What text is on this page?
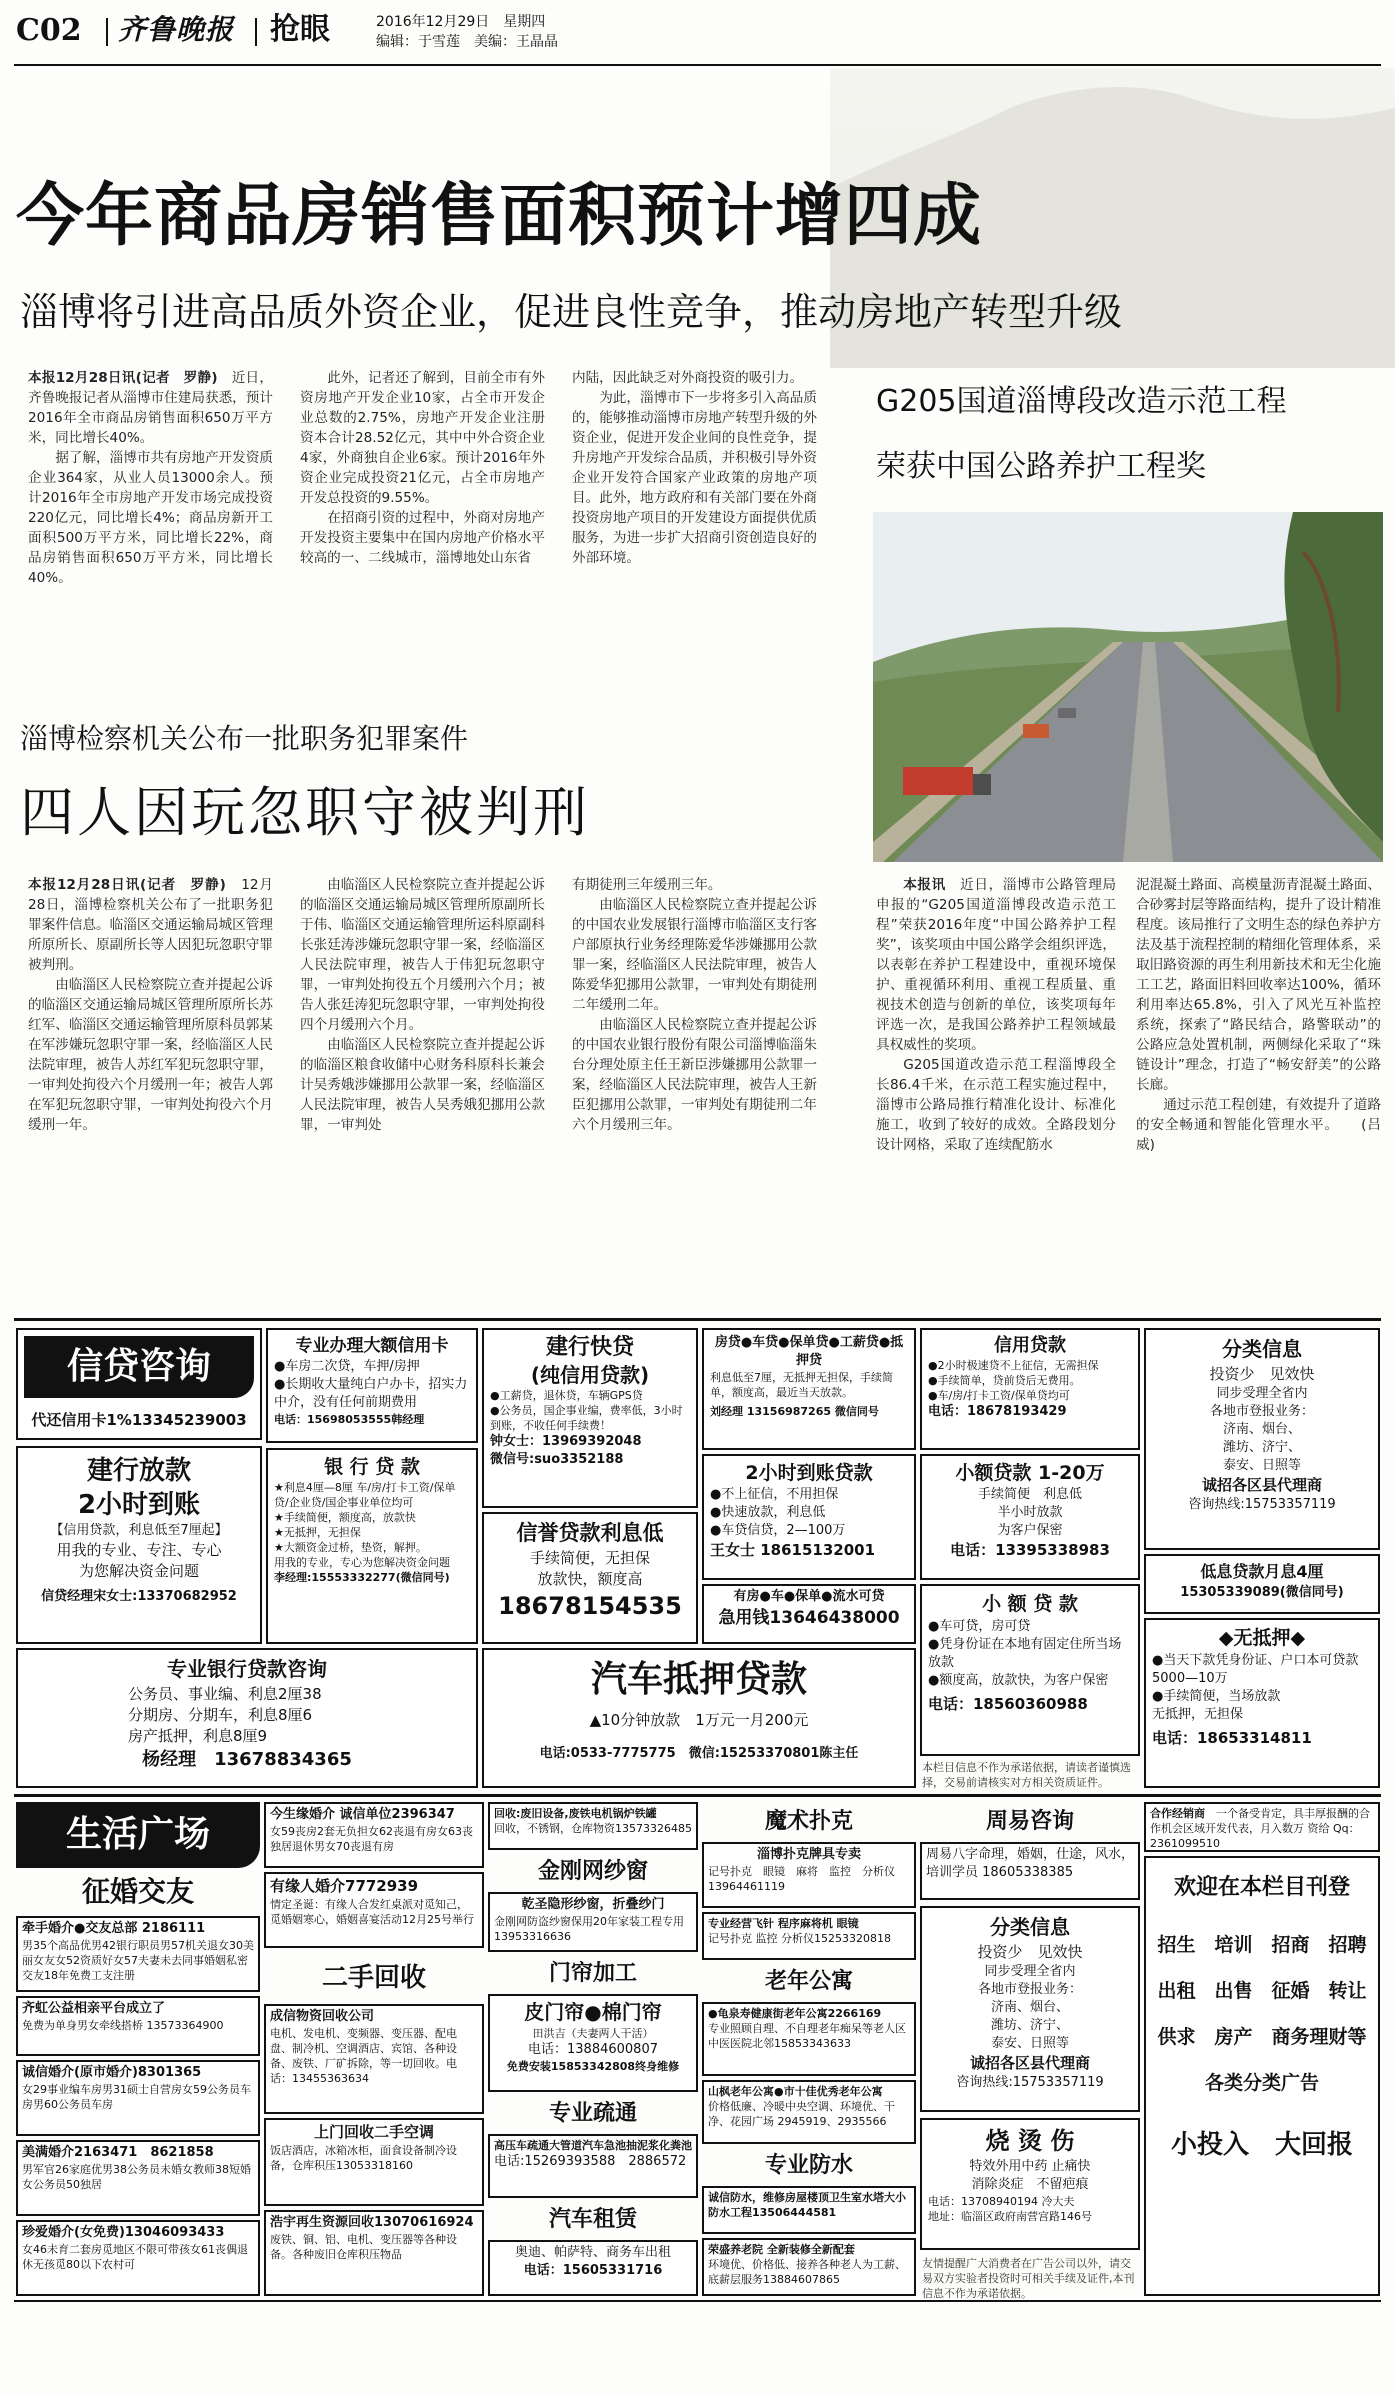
C02 齐鲁晚报 抢眼	2016年12月29日　星期四
编辑：于雪莲　美编：王晶晶
今年商品房销售面积预计增四成
淄博将引进高品质外资企业，促进良性竞争，推动房地产转型升级

本报12月28日讯(记者　罗静)　 近日，齐鲁晚报记者从淄博市住建局获悉，预计2016年全市商品房销售面积650万平方米，同比增长40%。

据了解，淄博市共有房地产开发资质企业364家，从业人员13000余人。预计2016年全市房地产开发市场完成投资220亿元，同比增长4%；商品房新开工面积500万平方米，同比增长22%，商品房销售面积650万平方米，同比增长40%。

此外，记者还了解到，目前全市有外资房地产开发企业10家，占全市开发企业总数的2.75%，房地产开发企业注册资本合计28.52亿元，其中中外合资企业4家，外商独自企业6家。预计2016年外资企业完成投资21亿元，占全市房地产开发总投资的9.55%。

在招商引资的过程中，外商对房地产开发投资主要集中在国内房地产价格水平较高的一、二线城市，淄博地处山东省

内陆，因此缺乏对外商投资的吸引力。

为此，淄博市下一步将多引入高品质的，能够推动淄博市房地产转型升级的外资企业，促进开发企业间的良性竞争，提升房地产开发综合品质，并积极引导外资企业开发符合国家产业政策的房地产项目。此外，地方政府和有关部门要在外商投资房地产项目的开发建设方面提供优质服务，为进一步扩大招商引资创造良好的外部环境。

G205国道淄博段改造示范工程
荣获中国公路养护工程奖

本报讯　 近日，淄博市公路管理局申报的“G205国道淄博段改造示范工程”荣获2016年度“中国公路养护工程奖”，该奖项由中国公路学会组织评选，以表彰在养护工程建设中，重视环境保护、重视循环利用、重视工程质量、重视技术创造与创新的单位，该奖项每年评选一次，是我国公路养护工程领域最具权威性的奖项。

G205国道改造示范工程淄博段全长86.4千米，在示范工程实施过程中，淄博市公路局推行精准化设计、标准化施工，收到了较好的成效。全路段划分设计网格，采取了连续配筋水

泥混凝土路面、高模量沥青混凝土路面、合砂雾封层等路面结构，提升了设计精准程度。该局推行了文明生态的绿色养护方法及基于流程控制的精细化管理体系，采取旧路资源的再生利用新技术和无尘化施工工艺，路面旧料回收率达100%，循环利用率达65.8%，引入了风光互补监控系统，探索了“路民结合，路警联动”的公路应急处置机制，两侧绿化采取了“珠链设计”理念，打造了“畅安舒美”的公路长廊。

通过示范工程创建，有效提升了道路的安全畅通和智能化管理水平。　　(吕威)

淄博检察机关公布一批职务犯罪案件
四人因玩忽职守被判刑

本报12月28日讯(记者　罗静)　 12月28日，淄博检察机关公布了一批职务犯罪案件信息。临淄区交通运输局城区管理所原所长、原副所长等人因犯玩忽职守罪被判刑。

由临淄区人民检察院立查并提起公诉的临淄区交通运输局城区管理所原所长苏红军、临淄区交通运输管理所原科员郭某在军涉嫌玩忽职守罪一案，经临淄区人民法院审理，被告人苏红军犯玩忽职守罪，一审判处拘役六个月缓刑一年；被告人郭在军犯玩忽职守罪，一审判处拘役六个月缓刑一年。

由临淄区人民检察院立查并提起公诉的临淄区交通运输局城区管理所原副所长于伟、临淄区交通运输管理所运科原副科长张廷涛涉嫌玩忽职守罪一案，经临淄区人民法院审理，被告人于伟犯玩忽职守罪，一审判处拘役五个月缓刑六个月；被告人张廷涛犯玩忽职守罪，一审判处拘役四个月缓刑六个月。

由临淄区人民检察院立查并提起公诉的临淄区粮食收储中心财务科原科长兼会计吴秀娥涉嫌挪用公款罪一案，经临淄区人民法院审理，被告人吴秀娥犯挪用公款罪，一审判处

有期徒刑三年缓刑三年。

由临淄区人民检察院立查并提起公诉的中国农业发展银行淄博市临淄区支行客户部原执行业务经理陈爱华涉嫌挪用公款罪一案，经临淄区人民法院审理，被告人陈爱华犯挪用公款罪，一审判处有期徒刑二年缓刑二年。

由临淄区人民检察院立查并提起公诉的中国农业银行股份有限公司淄博临淄朱台分理处原主任王新臣涉嫌挪用公款罪一案，经临淄区人民法院审理，被告人王新臣犯挪用公款罪，一审判处有期徒刑二年六个月缓刑三年。

信贷咨询
代还信用卡1%13345239003
建行放款
2小时到账
【信用贷款，利息低至7厘起】
用我的专业、专注、专心
为您解决资金问题
信贷经理宋女士:13370682952
专业办理大额信用卡
●车房二次贷，车押/房押
●长期收大量纯白户办卡，招实力中介，没有任何前期费用
电话：15698053555韩经理
银 行 贷 款
★利息4厘—8厘 车/房/打卡工资/保单贷/企业贷/国企事业单位均可
★手续简便，额度高，放款快
★无抵押，无担保
★大额资金过桥，垫资，解押。
用我的专业，专心为您解决资金问题
李经理:15553332277(微信同号)
建行快贷
(纯信用贷款)
●工薪贷，退休贷，车辆GPS贷
●公务员，国企事业编，费率低，3小时到账，不收任何手续费！
钟女士：13969392048
微信号:suo3352188
信誉贷款利息低
手续简便，无担保
放款快，额度高
18678154535
房贷●车贷●保单贷●工薪贷●抵押贷
利息低至7厘，无抵押无担保，手续简单，额度高，最近当天放款。
刘经理 13156987265 微信同号
2小时到账贷款
●不上征信，不用担保
●快速放款，利息低
●车贷信贷，2—100万
王女士 18615132001
有房●车●保单●流水可贷
急用钱13646438000
信用贷款
●2小时极速贷不上征信，无需担保
●手续简单，贷前贷后无费用。
●车/房/打卡工资/保单贷均可
电话：18678193429
小额贷款 1-20万
手续简便　利息低
半小时放款
为客户保密
电话：13395338983
小 额 贷 款
●车可贷，房可贷
●凭身份证在本地有固定住所当场放款
●额度高，放款快，为客户保密
电话：18560360988
分类信息
投资少　见效快
同步受理全省内
各地市登报业务：
济南、烟台、
潍坊、济宁、
泰安、日照等
诚招各区县代理商
咨询热线:15753357119
低息贷款月息4厘
15305339089(微信同号)
◆无抵押◆
●当天下款凭身份证、户口本可贷款5000—10万
●手续简便，当场放款
无抵押，无担保
电话：18653314811
专业银行贷款咨询
公务员、事业编、利息2厘38
分期房、分期车，利息8厘6
房产抵押，利息8厘9
杨经理　13678834365
汽车抵押贷款
▲10分钟放款　1万元一月200元
电话:0533-7775775　微信:15253370801陈主任
本栏目信息不作为承诺依据，请读者谨慎选择，交易前请核实对方相关资质证件。
生活广场
征婚交友
牵手婚介●交友总部 2186111
男35个高品优男42银行职员男57机关退女30美丽女友女52资质好女57夫妻未去同事婚姻私密交友18年免费工支注册
齐虹公益相亲平台成立了
免费为单身男女牵线搭桥 13573364900
诚信婚介(原市婚介)8301365
女29事业编车房男31硕士自营房女59公务员车房男60公务员车房
美满婚介2163471　8621858
男军官26家庭优男38公务员未婚女教师38短婚女公务员50独居
珍爱婚介(女免费)13046093433
女46未育二套房觅地区不限可带孩女61丧偶退休无孩觅80以下农村可
今生缘婚介 诚信单位2396347
女59丧房2套无负担女62丧退有房女63丧独居退休男女70丧退有房
有缘人婚介7772939
情定圣诞：有缘人合发红桌派对觅知己，觅婚姻寒心，婚姻喜宴活动12月25号举行
二手回收
成信物资回收公司
电机、发电机、变频器、变压器、配电盘、制冷机、空调酒店、宾馆、各种设备、废铁、厂矿拆除，等一切回收。电话：13455363634
上门回收二手空调
饭店酒店，冰箱冰柜，面食设备制冷设备，仓库积压13053318160
浩宇再生资源回收13070616924
废铁、铜、铝、电机、变压器等各种设备。各种废旧仓库积压物品
回收:废旧设备,废铁电机锅炉铁罐
回收，不锈钢，仓库物资13573326485
金刚网纱窗
乾圣隐形纱窗，折叠纱门
金刚网防盗纱窗保用20年家装工程专用 13953316636
门帘加工
皮门帘●棉门帘
田洪吉（夫妻两人干活）
电话：13884600807
免费安装15853342808终身维修
专业疏通
高压车疏通大管道汽车急池抽泥浆化粪池
电话:15269393588　2886572
汽车租赁
奥迪、帕萨特、商务车出租
电话：15605331716
魔术扑克
淄博扑克牌具专卖
记号扑克　眼镜　麻将　监控　分析仪　13964461119
专业经营飞针 程序麻将机 眼镜
记号扑克 监控 分析仪15253320818
老年公寓
●龟泉寿健康街老年公寓2266169
专业照顾自理、不自理老年痴呆等老人区中医医院北邻15853343633
山枫老年公寓●市十佳优秀老年公寓
价格低廉、冷暖中央空调、环境优、干净、花园广场 2945919、2935566
专业防水
诚信防水，维修房屋楼顶卫生室水塔大小防水工程13506444581
荣盛养老院 全新装修全新配套
环境优、价格低、接养各种老人为工薪、底薪层服务13884607865
周易咨询
周易八字命理，婚姻，仕途，风水，培训学员 18605338385
分类信息
投资少　见效快
同步受理全省内
各地市登报业务：
济南、烟台、
潍坊、济宁、
泰安、日照等
诚招各区县代理商
咨询热线:15753357119
烧 烫 伤
特效外用中药 止痛快
消除炎症　不留疤痕
电话：13708940194 冷大夫
地址：临淄区政府南营宫路146号
友情提醒广大消费者在广告公司以外，请交易双方实验者投资时可相关手续及证件,本刊信息不作为承诺依据。
合作经销商　 一个备受肯定，具丰厚报酬的合作机会区域开发代表，月入数万 资给 Qq：2361099510
欢迎在本栏目刊登
招生　培训　招商　招聘
出租　出售　征婚　转让
供求　房产　商务理财等
各类分类广告
小投入　大回报
